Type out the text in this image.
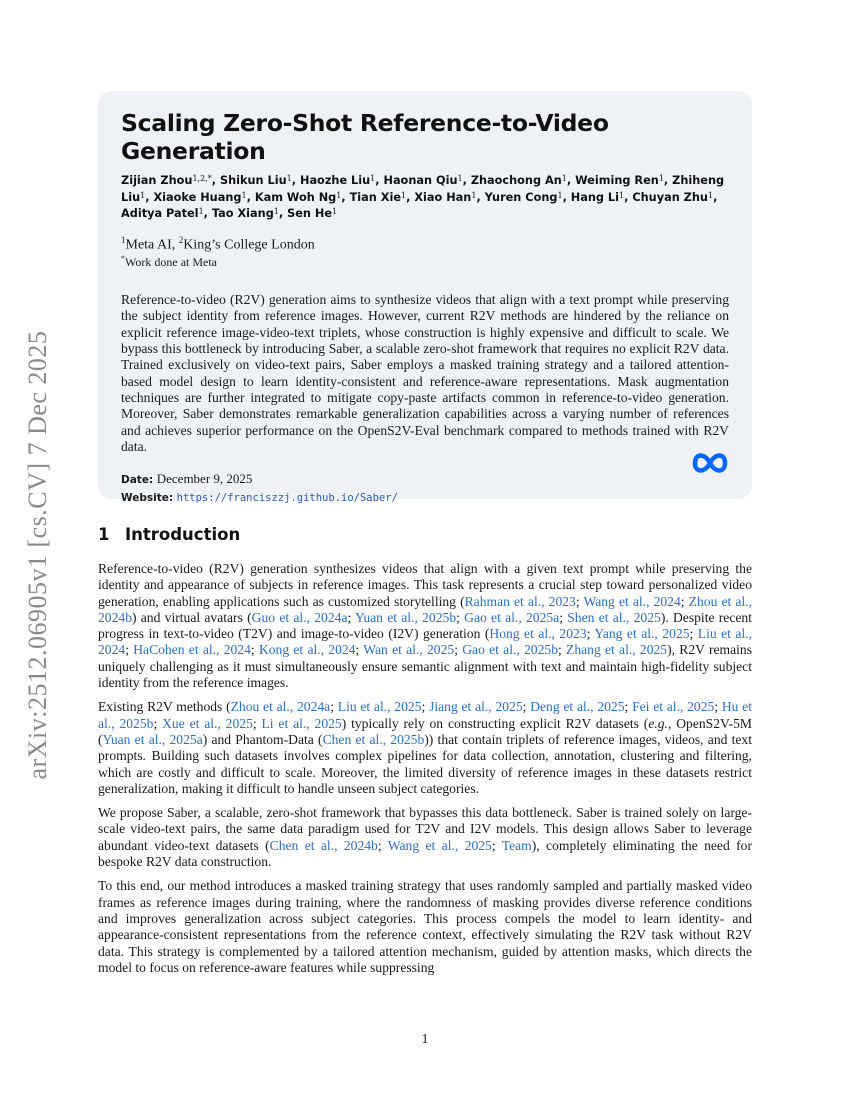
arXiv:2512.06905v1 [cs.CV] 7 Dec 2025
Scaling Zero-Shot Reference-to-Video Generation
Zijian Zhou$^{1,2,*}$, Shikun Liu$^1$, Haozhe Liu$^1$, Haonan Qiu$^1$, Zhaochong An$^1$, Weiming Ren$^1$, Zhiheng Liu$^1$, Xiaoke Huang$^1$, Kam Woh Ng$^1$, Tian Xie$^1$, Xiao Han$^1$, Yuren Cong$^1$, Hang Li$^1$, Chuyan Zhu$^1$, Aditya Patel$^1$, Tao Xiang$^1$, Sen He$^1$
$^1$Meta AI, $^2$King’s College London
*Work done at Meta
Reference-to-video (R2V) generation aims to synthesize videos that align with a text prompt while preserving the subject identity from reference images. However, current R2V methods are hindered by the reliance on explicit reference image-video-text triplets, whose construction is highly expensive and difficult to scale. We bypass this bottleneck by introducing Saber, a scalable zero-shot framework that requires no explicit R2V data. Trained exclusively on video-text pairs, Saber employs a masked training strategy and a tailored attention-based model design to learn identity-consistent and reference-aware representations. Mask augmentation techniques are further integrated to mitigate copy-paste artifacts common in reference-to-video generation. Moreover, Saber demonstrates remarkable generalization capabilities across a varying number of references and achieves superior performance on the OpenS2V-Eval benchmark compared to methods trained with R2V data.
Date: December 9, 2025
Website: https://franciszzj.github.io/Saber/
1 Introduction

Reference-to-video (R2V) generation synthesizes videos that align with a given text prompt while preserving the identity and appearance of subjects in reference images. This task represents a crucial step toward personalized video generation, enabling applications such as customized storytelling (Rahman et al., 2023; Wang et al., 2024; Zhou et al., 2024b) and virtual avatars (Guo et al., 2024a; Yuan et al., 2025b; Gao et al., 2025a; Shen et al., 2025). Despite recent progress in text-to-video (T2V) and image-to-video (I2V) generation (Hong et al., 2023; Yang et al., 2025; Liu et al., 2024; HaCohen et al., 2024; Kong et al., 2024; Wan et al., 2025; Gao et al., 2025b; Zhang et al., 2025), R2V remains uniquely challenging as it must simultaneously ensure semantic alignment with text and maintain high-fidelity subject identity from the reference images.

Existing R2V methods (Zhou et al., 2024a; Liu et al., 2025; Jiang et al., 2025; Deng et al., 2025; Fei et al., 2025; Hu et al., 2025b; Xue et al., 2025; Li et al., 2025) typically rely on constructing explicit R2V datasets (e.g., OpenS2V-5M (Yuan et al., 2025a) and Phantom-Data (Chen et al., 2025b)) that contain triplets of reference images, videos, and text prompts. Building such datasets involves complex pipelines for data collection, annotation, clustering and filtering, which are costly and difficult to scale. Moreover, the limited diversity of reference images in these datasets restrict generalization, making it difficult to handle unseen subject categories.

We propose Saber, a scalable, zero-shot framework that bypasses this data bottleneck. Saber is trained solely on large-scale video-text pairs, the same data paradigm used for T2V and I2V models. This design allows Saber to leverage abundant video-text datasets (Chen et al., 2024b; Wang et al., 2025; Team), completely eliminating the need for bespoke R2V data construction.

To this end, our method introduces a masked training strategy that uses randomly sampled and partially masked video frames as reference images during training, where the randomness of masking provides diverse reference conditions and improves generalization across subject categories. This process compels the model to learn identity- and appearance-consistent representations from the reference context, effectively simulating the R2V task without R2V data. This strategy is complemented by a tailored attention mechanism, guided by attention masks, which directs the model to focus on reference-aware features while suppressing

1
